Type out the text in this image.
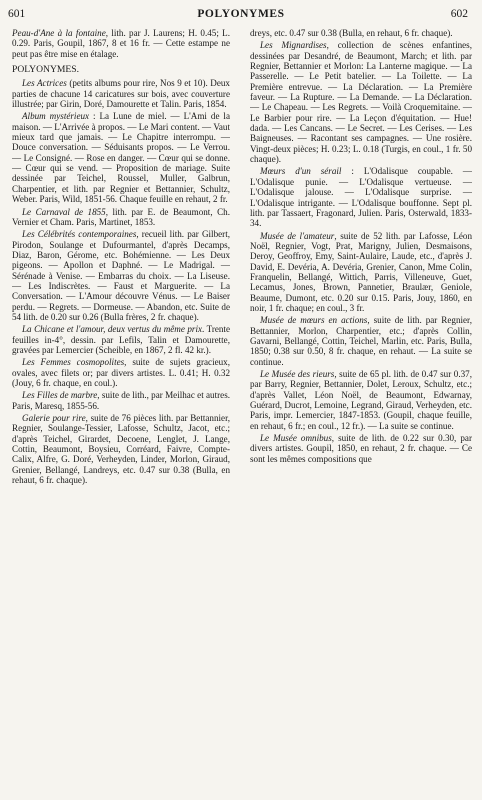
601	POLYONYMES	602

Peau-d'Ane à la fontaine, lith. par J. Laurens; H. 0.45; L. 0.29. Paris, Goupil, 1867, 8 et 16 fr. — Cette estampe ne peut pas être mise en étalage.

POLYONYMES.

Les Actrices (petits albums pour rire, Nos 9 et 10). Deux parties de chacune 14 caricatures sur bois, avec couverture illustrée; par Girin, Doré, Damourette et Talin. Paris, 1854.

Album mystérieux : La Lune de miel. — L'Ami de la maison. — L'Arrivée à propos. — Le Mari content. — Vaut mieux tard que jamais. — Le Chapitre interrompu. — Douce conversation. — Séduisants propos. — Le Verrou. — Le Consigné. — Rose en danger. — Cœur qui se donne. — Cœur qui se vend. — Proposition de mariage. Suite dessinée par Teichel, Roussel, Muller, Galbrun, Charpentier, et lith. par Regnier et Bettannier, Schultz, Weber. Paris, Wild, 1851-56. Chaque feuille en rehaut, 2 fr.

Le Carnaval de 1855, lith. par E. de Beaumont, Ch. Vernier et Cham. Paris, Martinet, 1853.

Les Célébrités contemporaines, recueil lith. par Gilbert, Pirodon, Soulange et Dufourmantel, d'après Decamps, Diaz, Baron, Gérome, etc. Bohémienne. — Les Deux pigeons. — Apollon et Daphné. — Le Madrigal. — Sérénade à Venise. — Embarras du choix. — La Liseuse. — Les Indiscrètes. — Faust et Marguerite. — La Conversation. — L'Amour découvre Vénus. — Le Baiser perdu. — Regrets. — Dormeuse. — Abandon, etc. Suite de 54 lith. de 0.20 sur 0.26 (Bulla frères, 2 fr. chaque).

La Chicane et l'amour, deux vertus du même prix. Trente feuilles in-4°, dessin. par Lefils, Talin et Damourette, gravées par Lemercier (Scheible, en 1867, 2 fl. 42 kr.).

Les Femmes cosmopolites, suite de sujets gracieux, ovales, avec filets or; par divers artistes. L. 0.41; H. 0.32 (Jouy, 6 fr. chaque, en coul.).

Les Filles de marbre, suite de lith., par Meilhac et autres. Paris, Maresq, 1855-56.

Galerie pour rire, suite de 76 pièces lith. par Bettannier, Regnier, Soulange-Tessier, Lafosse, Schultz, Jacot, etc.; d'après Teichel, Girardet, Decoene, Lenglet, J. Lange, Cottin, Beaumont, Boysieu, Corréard, Faivre, Compte-Calix, Alfre, G. Doré, Verheyden, Linder, Morlon, Giraud, Grenier, Bellangé, Landreys, etc. 0.47 sur 0.38 (Bulla, en rehaut, 6 fr. chaque).

dreys, etc. 0.47 sur 0.38 (Bulla, en rehaut, 6 fr. chaque).

Les Mignardises, collection de scènes enfantines, dessinées par Desandré, de Beaumont, March; et lith. par Regnier, Bettannier et Morlon: La Lanterne magique. — La Passerelle. — Le Petit batelier. — La Toilette. — La Première entrevue. — La Déclaration. — La Première faveur. — La Rupture. — La Demande. — La Déclaration. — Le Chapeau. — Les Regrets. — Voilà Croquemitaine. — Le Barbier pour rire. — La Leçon d'équitation. — Hue! dada. — Les Cancans. — Le Secret. — Les Cerises. — Les Baigneuses. — Racontant ses campagnes. — Une rosière. Vingt-deux pièces; H. 0.23; L. 0.18 (Turgis, en coul., 1 fr. 50 chaque).

Mœurs d'un sérail : L'Odalisque coupable. — L'Odalisque punie. — L'Odalisque vertueuse. — L'Odalisque jalouse. — L'Odalisque surprise. — L'Odalisque intrigante. — L'Odalisque bouffonne. Sept pl. lith. par Tassaert, Fragonard, Julien. Paris, Osterwald, 1833-34.

Musée de l'amateur, suite de 52 lith. par Lafosse, Léon Noël, Regnier, Vogt, Prat, Marigny, Julien, Desmaisons, Deroy, Geoffroy, Emy, Saint-Aulaire, Laude, etc., d'après J. David, E. Devéria, A. Devéria, Grenier, Canon, Mme Colin, Franquelin, Bellangé, Wittich, Parris, Villeneuve, Guet, Lecamus, Jones, Brown, Pannetier, Braulær, Geniole, Beaume, Dumont, etc. 0.20 sur 0.15. Paris, Jouy, 1860, en noir, 1 fr. chaque; en coul., 3 fr.

Musée de mœurs en actions, suite de lith. par Regnier, Bettannier, Morlon, Charpentier, etc.; d'après Collin, Gavarni, Bellangé, Cottin, Teichel, Marlin, etc. Paris, Bulla, 1850; 0.38 sur 0.50, 8 fr. chaque, en rehaut. — La suite se continue.

Le Musée des rieurs, suite de 65 pl. lith. de 0.47 sur 0.37, par Barry, Regnier, Bettannier, Dolet, Leroux, Schultz, etc.; d'après Vallet, Léon Noël, de Beaumont, Edwarnay, Guérard, Ducrot, Lemoine, Legrand, Giraud, Verheyden, etc. Paris, impr. Lemercier, 1847-1853. (Goupil, chaque feuille, en rehaut, 6 fr.; en coul., 12 fr.). — La suite se continue.

Le Musée omnibus, suite de lith. de 0.22 sur 0.30, par divers artistes. Goupil, 1850, en rehaut, 2 fr. chaque. — Ce sont les mêmes compositions que
